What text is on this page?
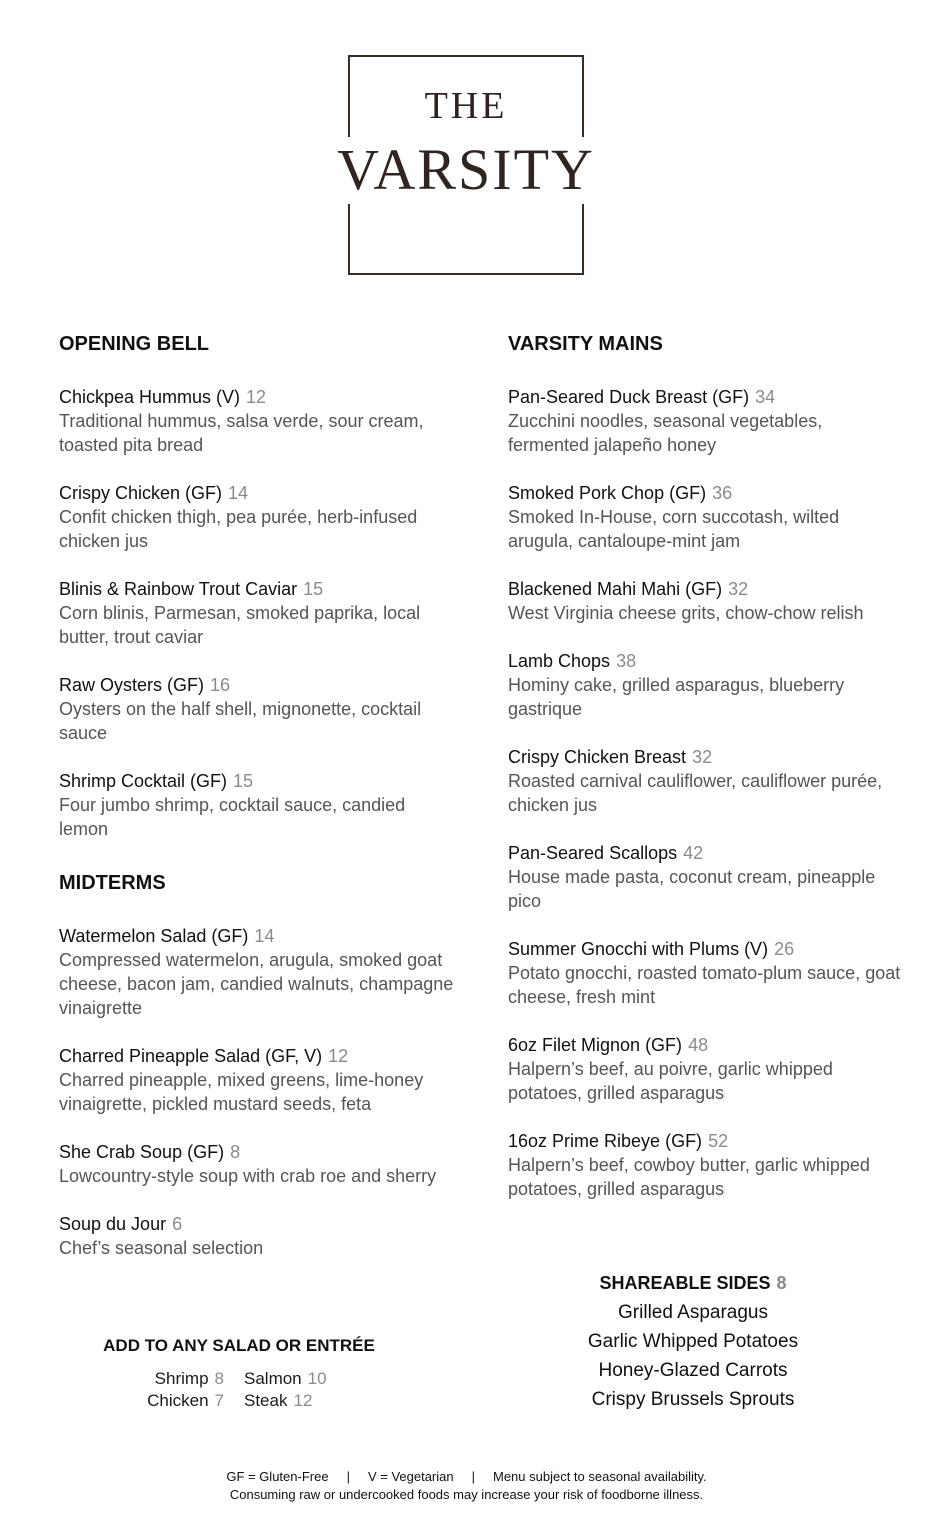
THE
VARSITY
OPENING BELL
Chickpea Hummus (V) 12
Traditional hummus, salsa verde, sour cream, toasted pita bread
Crispy Chicken (GF) 14
Confit chicken thigh, pea purée, herb-infused chicken jus
Blinis & Rainbow Trout Caviar 15
Corn blinis, Parmesan, smoked paprika, local butter, trout caviar
Raw Oysters (GF) 16
Oysters on the half shell, mignonette, cocktail sauce
Shrimp Cocktail (GF) 15
Four jumbo shrimp, cocktail sauce, candied lemon
MIDTERMS
Watermelon Salad (GF) 14
Compressed watermelon, arugula, smoked goat cheese, bacon jam, candied walnuts, champagne vinaigrette
Charred Pineapple Salad (GF, V) 12
Charred pineapple, mixed greens, lime-honey vinaigrette, pickled mustard seeds, feta
She Crab Soup (GF) 8
Lowcountry-style soup with crab roe and sherry
Soup du Jour 6
Chef’s seasonal selection
VARSITY MAINS
Pan-Seared Duck Breast (GF) 34
Zucchini noodles, seasonal vegetables, fermented jalapeño honey
Smoked Pork Chop (GF) 36
Smoked In-House, corn succotash, wilted arugula, cantaloupe-mint jam
Blackened Mahi Mahi (GF) 32
West Virginia cheese grits, chow-chow relish
Lamb Chops 38
Hominy cake, grilled asparagus, blueberry gastrique
Crispy Chicken Breast 32
Roasted carnival cauliflower, cauliflower purée, chicken jus
Pan-Seared Scallops 42
House made pasta, coconut cream, pineapple pico
Summer Gnocchi with Plums (V) 26
Potato gnocchi, roasted tomato-plum sauce, goat cheese, fresh mint
6oz Filet Mignon (GF) 48
Halpern’s beef, au poivre, garlic whipped potatoes, grilled asparagus
16oz Prime Ribeye (GF) 52
Halpern’s beef, cowboy butter, garlic whipped potatoes, grilled asparagus
ADD TO ANY SALAD OR ENTRÉE
Shrimp 8 Salmon 10
Chicken 7 Steak 12
SHAREABLE SIDES 8
Grilled Asparagus
Garlic Whipped Potatoes
Honey-Glazed Carrots
Crispy Brussels Sprouts
GF = Gluten-Free | V = Vegetarian | Menu subject to seasonal availability.
Consuming raw or undercooked foods may increase your risk of foodborne illness.
